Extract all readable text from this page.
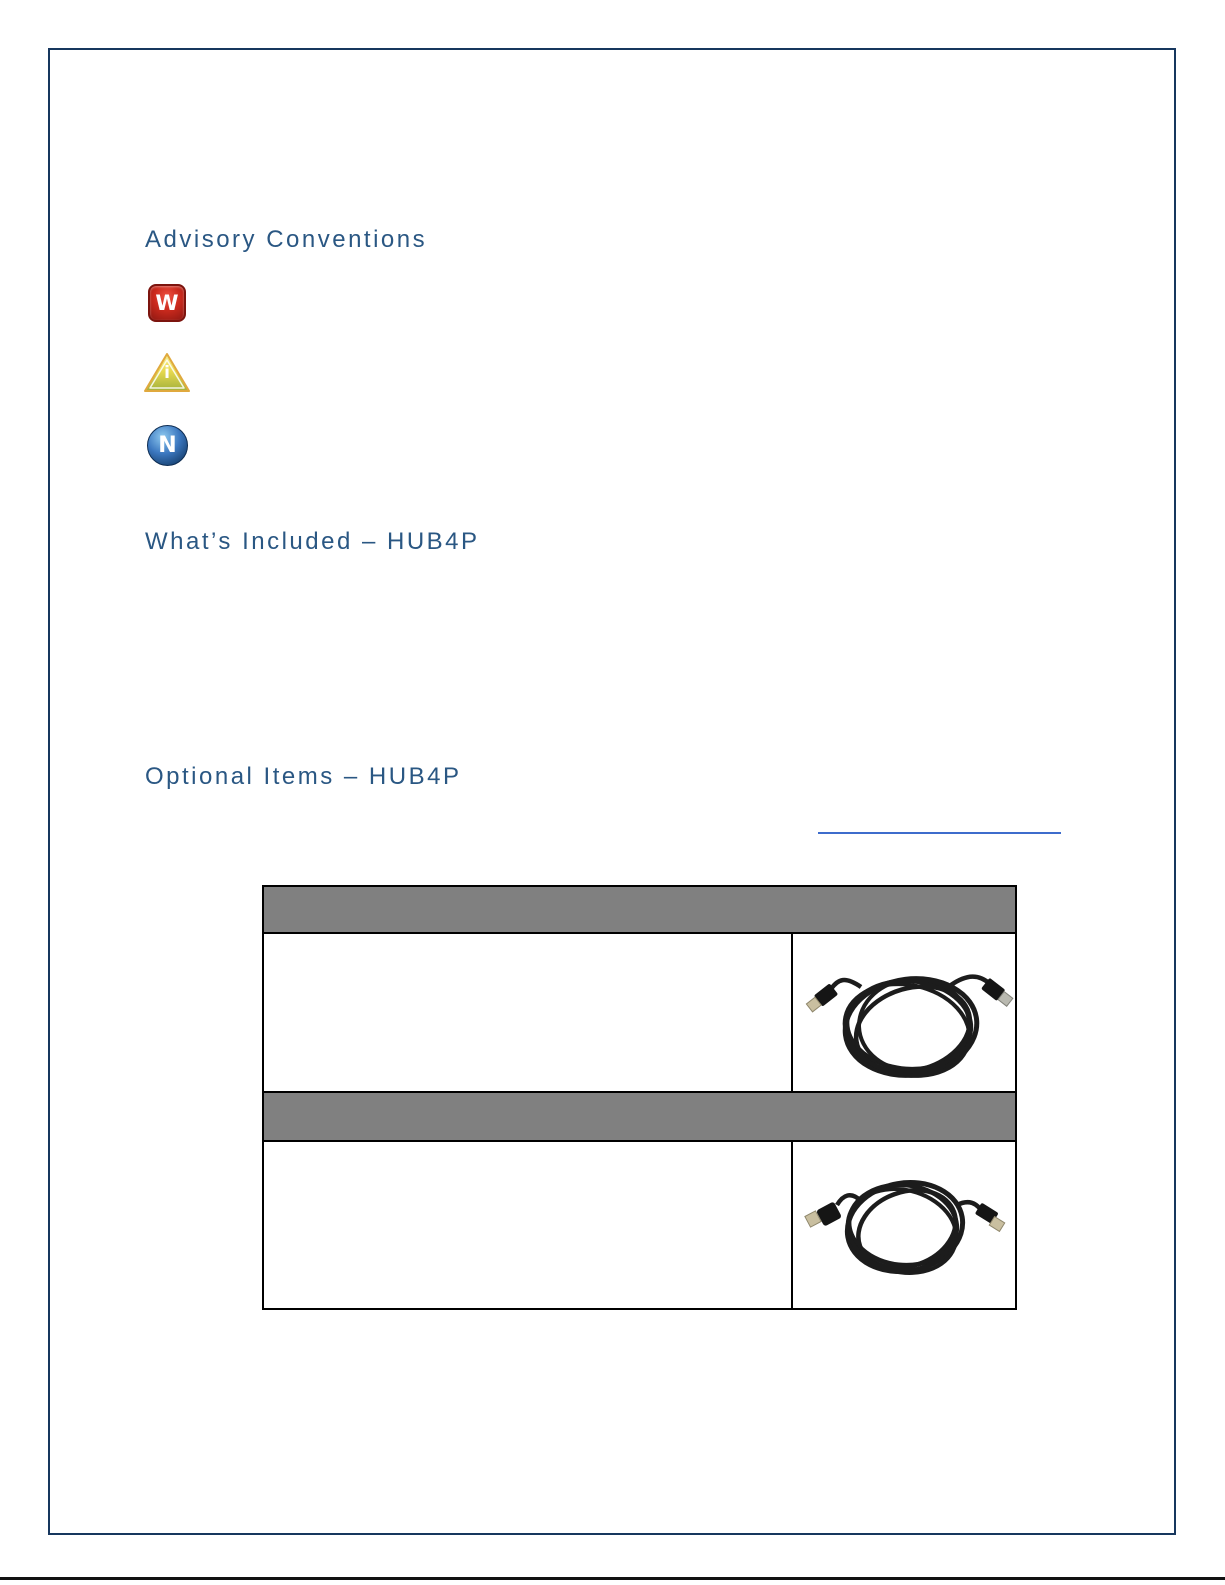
Advisory Conventions
W
i
N
What’s Included – HUB4P
Optional Items – HUB4P
